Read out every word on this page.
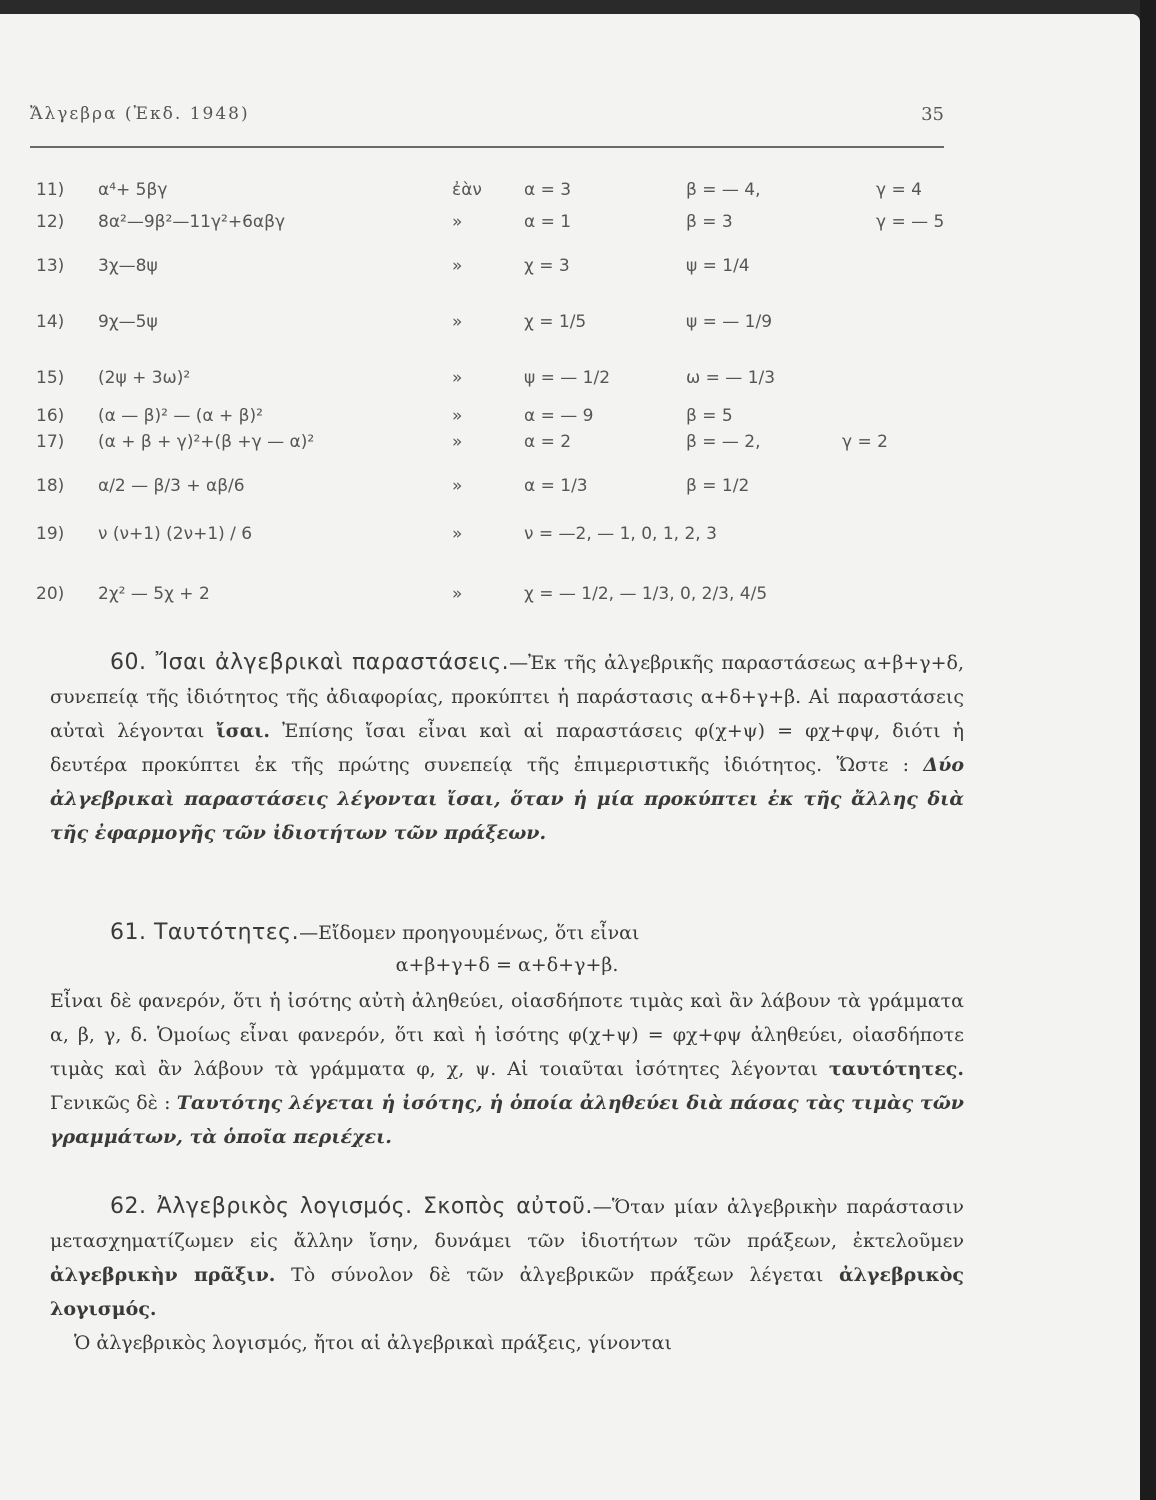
Ἄλγεβρα (Ἐκδ. 1948)	35
11) α⁴+ 5βγ	ἐὰν α = 3	β = — 4,	γ = 4
12) 8α²—9β²—11γ²+6αβγ	»	α = 1	β = 3	γ = — 5
13) 3χ—8ψ	»	χ = 3	ψ = 1/4
14) 9χ—5ψ	»	χ = 1/5	ψ = — 1/9
15) (2ψ + 3ω)²	»	ψ = — 1/2	ω = — 1/3
16) (α — β)² — (α + β)²	»	α = — 9	β = 5
17) (α + β + γ)²+(β +γ — α)²	»	α = 2	β = — 2,	γ = 2
18) α/2 — β/3 + αβ/6	»	α = 1/3	β = 1/2
19) ν (ν+1) (2ν+1) / 6	»	ν = —2, — 1, 0, 1, 2, 3
20) 2χ² — 5χ + 2	»	χ = — 1/2, — 1/3, 0, 2/3, 4/5
60. Ἴσαι ἀλγεβρικαὶ παραστάσεις.—Ἐκ τῆς ἀλγεβρικῆς παραστάσεως α+β+γ+δ, συνεπείᾳ τῆς ἰδιότητος τῆς ἀδιαφορίας, προκύπτει ἡ παράστασις α+δ+γ+β. Αἱ παραστάσεις αὐταὶ λέγονται ἴσαι. Ἐπίσης ἴσαι εἶναι καὶ αἱ παραστάσεις φ(χ+ψ) = φχ+φψ, διότι ἡ δευτέρα προκύπτει ἐκ τῆς πρώτης συνεπείᾳ τῆς ἐπιμεριστικῆς ἰδιότητος. Ὥστε : Δύο ἀλγεβρικαὶ παραστάσεις λέγονται ἴσαι, ὅταν ἡ μία προκύπτει ἐκ τῆς ἄλλης διὰ τῆς ἐφαρμογῆς τῶν ἰδιοτήτων τῶν πράξεων.
61. Ταυτότητες.—Εἴδομεν προηγουμένως, ὅτι εἶναι
α+β+γ+δ = α+δ+γ+β.
Εἶναι δὲ φανερόν, ὅτι ἡ ἰσότης αὐτὴ ἀληθεύει, οἱασδήποτε τιμὰς καὶ ἂν λάβουν τὰ γράμματα α, β, γ, δ. Ὁμοίως εἶναι φανερόν, ὅτι καὶ ἡ ἰσότης φ(χ+ψ) = φχ+φψ ἀληθεύει, οἱασδήποτε τιμὰς καὶ ἂν λάβουν τὰ γράμματα φ, χ, ψ. Αἱ τοιαῦται ἰσότητες λέγονται ταυτότητες. Γενικῶς δὲ : Ταυτότης λέγεται ἡ ἰσότης, ἡ ὁποία ἀληθεύει διὰ πάσας τὰς τιμὰς τῶν γραμμάτων, τὰ ὁποῖα περιέχει.
62. Ἀλγεβρικὸς λογισμός. Σκοπὸς αὐτοῦ.—Ὅταν μίαν ἀλγεβρικὴν παράστασιν μετασχηματίζωμεν εἰς ἄλλην ἴσην, δυνάμει τῶν ἰδιοτήτων τῶν πράξεων, ἐκτελοῦμεν ἀλγεβρικὴν πρᾶξιν. Τὸ σύνολον δὲ τῶν ἀλγεβρικῶν πράξεων λέγεται ἀλγεβρικὸς λογισμός.
Ὁ ἀλγεβρικὸς λογισμός, ἤτοι αἱ ἀλγεβρικαὶ πράξεις, γίνονται
